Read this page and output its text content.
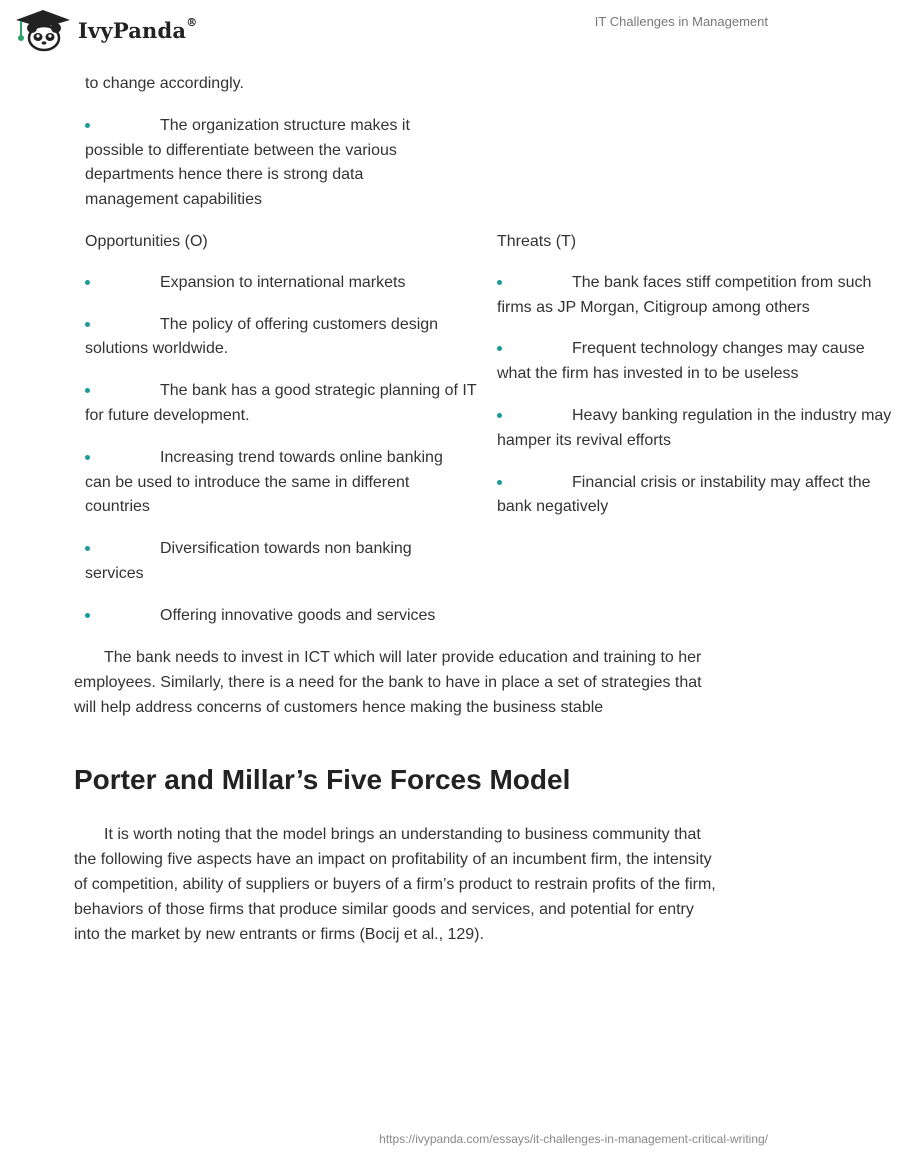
IvyPanda®	IT Challenges in Management

to change accordingly.

The organization structure makes it possible to differentiate between the various departments hence there is strong data management capabilities

Opportunities (O)

Expansion to international markets

The policy of offering customers design solutions worldwide.

The bank has a good strategic planning of IT for future development.

Increasing trend towards online banking can be used to introduce the same in different countries

Diversification towards non banking services

Offering innovative goods and services

Threats (T)

The bank faces stiff competition from such firms as JP Morgan, Citigroup among others

Frequent technology changes may cause what the firm has invested in to be useless

Heavy banking regulation in the industry may hamper its revival efforts

Financial crisis or instability may affect the bank negatively

The bank needs to invest in ICT which will later provide education and training to her employees. Similarly, there is a need for the bank to have in place a set of strategies that will help address concerns of customers hence making the business stable

Porter and Millar’s Five Forces Model

It is worth noting that the model brings an understanding to business community that the following five aspects have an impact on profitability of an incumbent firm, the intensity of competition, ability of suppliers or buyers of a firm’s product to restrain profits of the firm, behaviors of those firms that produce similar goods and services, and potential for entry into the market by new entrants or firms (Bocij et al., 129).

https://ivypanda.com/essays/it-challenges-in-management-critical-writing/
